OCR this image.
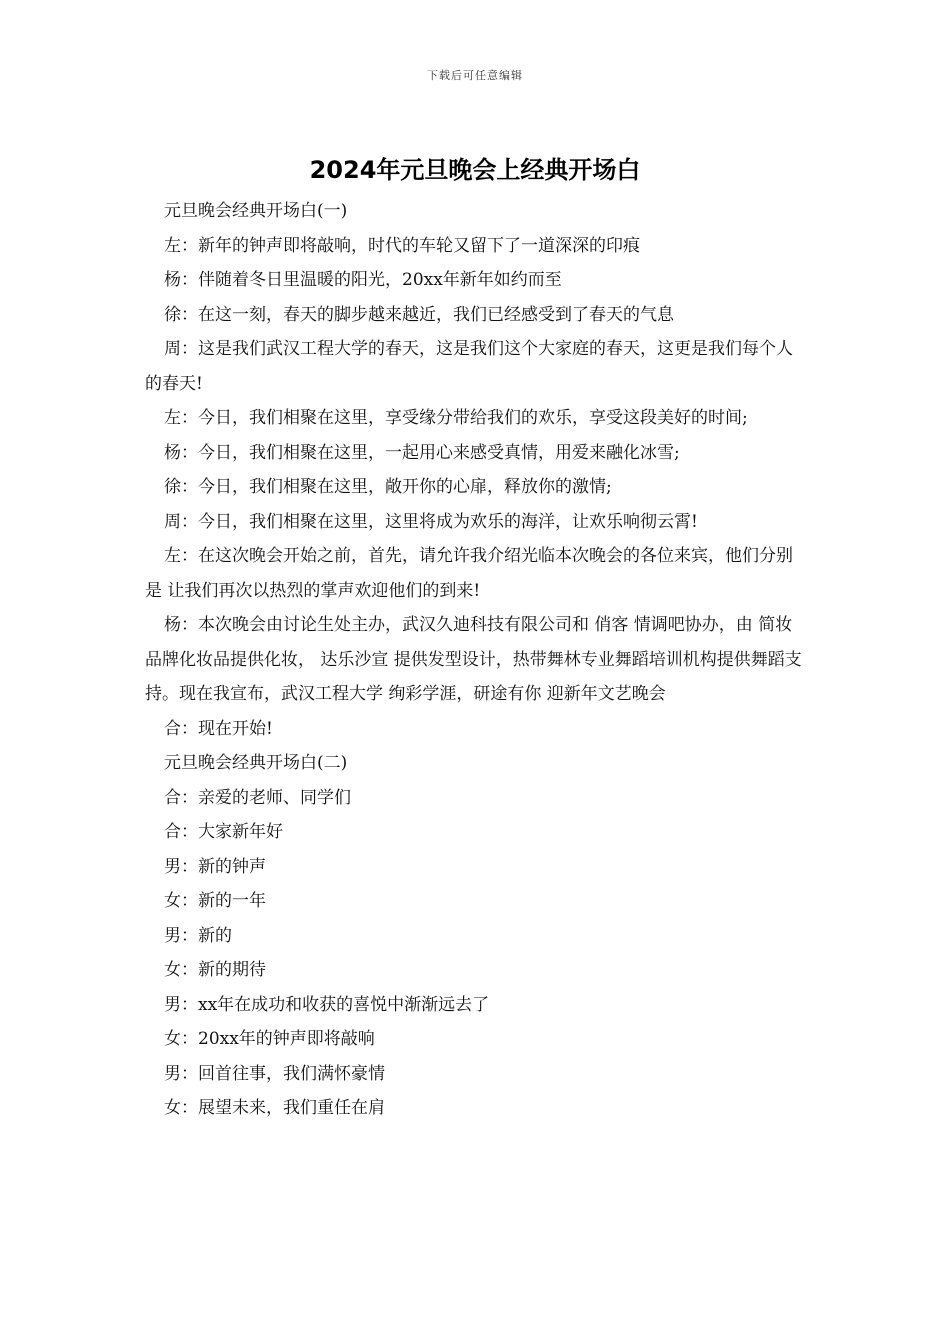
下载后可任意编辑
2024年元旦晚会上经典开场白

元旦晚会经典开场白(一)

左：新年的钟声即将敲响，时代的车轮又留下了一道深深的印痕

杨：伴随着冬日里温暖的阳光，20xx年新年如约而至

徐：在这一刻，春天的脚步越来越近，我们已经感受到了春天的气息

周：这是我们武汉工程大学的春天，这是我们这个大家庭的春天，这更是我们每个人的春天!

左：今日，我们相聚在这里，享受缘分带给我们的欢乐，享受这段美好的时间;

杨：今日，我们相聚在这里，一起用心来感受真情，用爱来融化冰雪;

徐：今日，我们相聚在这里，敞开你的心扉，释放你的激情;

周：今日，我们相聚在这里，这里将成为欢乐的海洋，让欢乐响彻云霄!

左：在这次晚会开始之前，首先，请允许我介绍光临本次晚会的各位来宾，他们分别是 让我们再次以热烈的掌声欢迎他们的到来!

杨：本次晚会由讨论生处主办，武汉久迪科技有限公司和 俏客 情调吧协办，由 简妆 品牌化妆品提供化妆， 达乐沙宣 提供发型设计，热带舞林专业舞蹈培训机构提供舞蹈支持。现在我宣布，武汉工程大学 绚彩学涯，研途有你 迎新年文艺晚会

合：现在开始!

元旦晚会经典开场白(二)

合：亲爱的老师、同学们

合：大家新年好

男：新的钟声

女：新的一年

男：新的

女：新的期待

男：xx年在成功和收获的喜悦中渐渐远去了

女：20xx年的钟声即将敲响

男：回首往事，我们满怀豪情

女：展望未来，我们重任在肩
